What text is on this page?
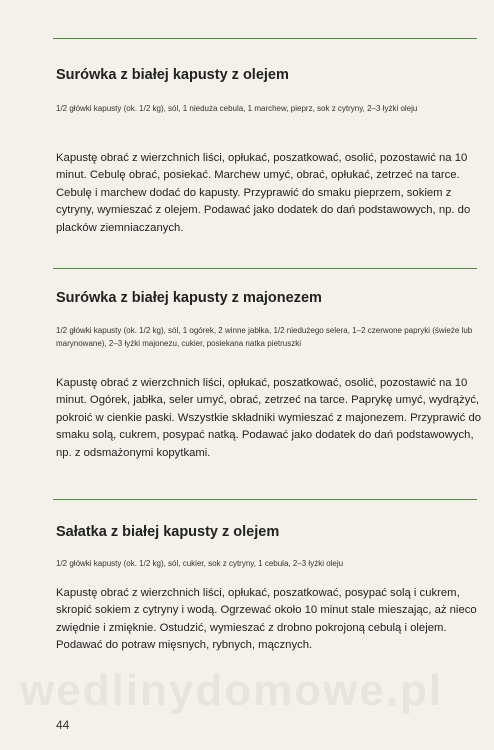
wedlinydomowe.pl
Surówka z białej kapusty z olejem

1/2 główki kapusty (ok. 1/2 kg), sól, 1 nieduża cebula, 1 marchew, pieprz, sok z cytryny, 2–3 łyżki oleju

Kapustę obrać z wierzchnich liści, opłukać, poszatkować, osolić, pozostawić na 10 minut. Cebulę obrać, posiekać. Marchew umyć, obrać, opłukać, zetrzeć na tarce. Cebulę i marchew dodać do kapusty. Przyprawić do smaku pieprzem, sokiem z cytryny, wymieszać z olejem. Podawać jako dodatek do dań podstawowych, np. do placków ziemniaczanych.

Surówka z białej kapusty z majonezem

1/2 główki kapusty (ok. 1/2 kg), sól, 1 ogórek, 2 winne jabłka, 1/2 niedużego selera, 1–2 czerwone papryki (świeże lub marynowane), 2–3 łyżki majonezu, cukier, posiekana natka pietruszki

Kapustę obrać z wierzchnich liści, opłukać, poszatkować, osolić, pozostawić na 10 minut. Ogórek, jabłka, seler umyć, obrać, zetrzeć na tarce. Paprykę umyć, wydrążyć, pokroić w cienkie paski. Wszystkie składniki wymieszać z majonezem. Przyprawić do smaku solą, cukrem, posypać natką. Podawać jako dodatek do dań podstawowych, np. z odsmażonymi kopytkami.

Sałatka z białej kapusty z olejem

1/2 główki kapusty (ok. 1/2 kg), sól, cukier, sok z cytryny, 1 cebula, 2–3 łyżki oleju

Kapustę obrać z wierzchnich liści, opłukać, poszatkować, posypać solą i cukrem, skropić sokiem z cytryny i wodą. Ogrzewać około 10 minut stale mieszając, aż nieco zwiędnie i zmięknie. Ostudzić, wymieszać z drobno pokrojoną cebulą i olejem. Podawać do potraw mięsnych, rybnych, mącznych.

44
